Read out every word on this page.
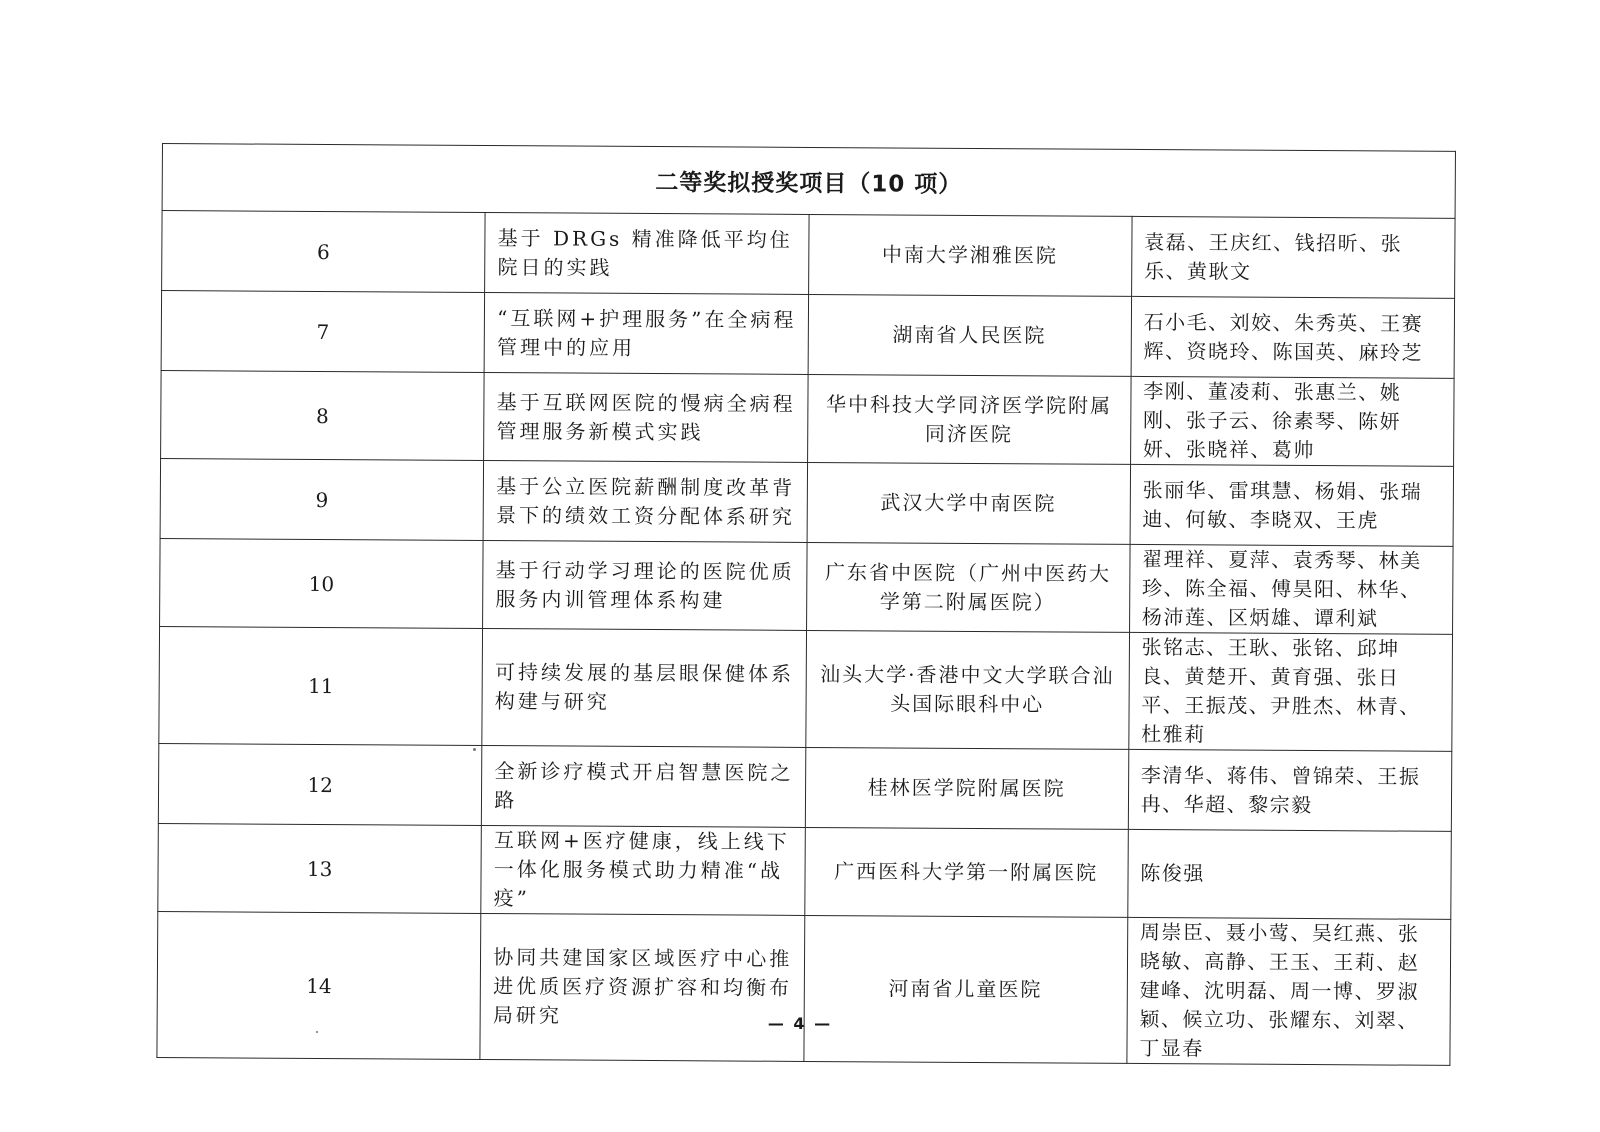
二等奖拟授奖项目（10 项）			
6	基于 DRGs 精准降低平均住院日的实践	中南大学湘雅医院	袁磊、王庆红、钱招昕、张乐、黄耿文
7	“互联网+护理服务”在全病程管理中的应用	湖南省人民医院	石小毛、刘姣、朱秀英、王赛辉、资晓玲、陈国英、麻玲芝
8	基于互联网医院的慢病全病程管理服务新模式实践	华中科技大学同济医学院附属同济医院	李刚、董凌莉、张惠兰、姚刚、张子云、徐素琴、陈妍妍、张晓祥、葛帅
9	基于公立医院薪酬制度改革背景下的绩效工资分配体系研究	武汉大学中南医院	张丽华、雷琪慧、杨娟、张瑞迪、何敏、李晓双、王虎
10	基于行动学习理论的医院优质服务内训管理体系构建	广东省中医院（广州中医药大学第二附属医院）	翟理祥、夏萍、袁秀琴、林美珍、陈全福、傅昊阳、林华、杨沛莲、区炳雄、谭利斌
11	可持续发展的基层眼保健体系构建与研究	汕头大学·香港中文大学联合汕头国际眼科中心	张铭志、王耿、张铭、邱坤良、黄楚开、黄育强、张日平、王振茂、尹胜杰、林青、杜雅莉
12	全新诊疗模式开启智慧医院之路	桂林医学院附属医院	李清华、蒋伟、曾锦荣、王振冉、华超、黎宗毅
13	互联网+医疗健康，线上线下一体化服务模式助力精准“战疫”	广西医科大学第一附属医院	陈俊强
14	协同共建国家区域医疗中心推进优质医疗资源扩容和均衡布局研究	河南省儿童医院	周崇臣、聂小莺、吴红燕、张晓敏、高静、王玉、王莉、赵建峰、沈明磊、周一博、罗淑颖、候立功、张耀东、刘翠、丁显春
— 4 —
